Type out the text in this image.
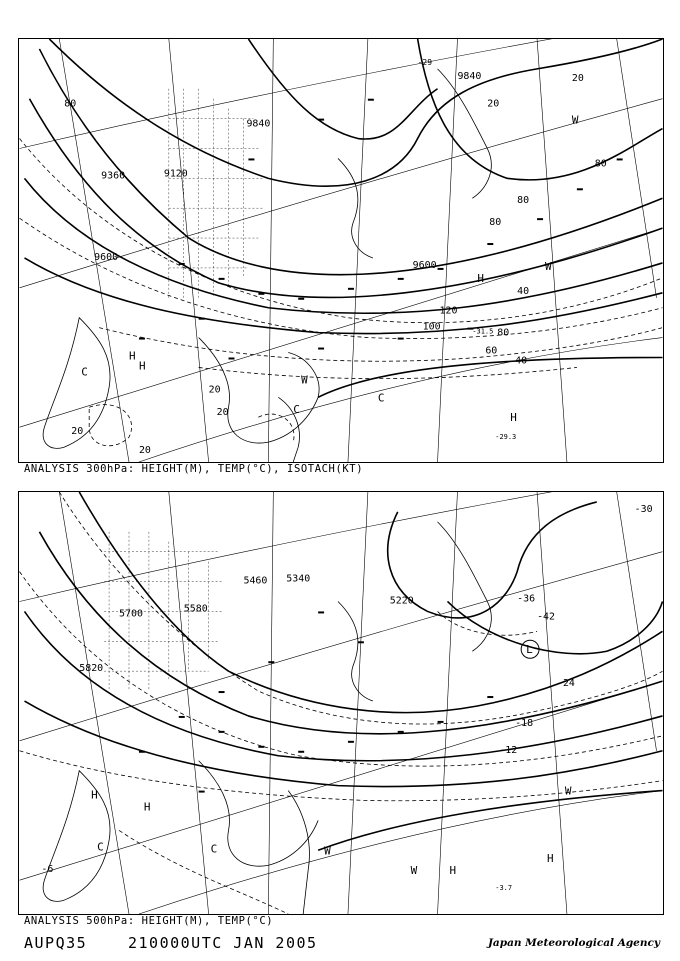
9840
9600
9360	9120
9600
9840
80	20
80
80
80
40
120
100
80
60
40
20
20
20
20
20
-29
-31.5
-29.3
C
H
H
W
C
C
H
H
W
W
ANALYSIS 300hPa: HEIGHT(M), TEMP(°C), ISOTACH(KT)
5700	5580
5460 5340
5220
5820
-30
-36
-42
-24
-18
-12
-6
-3.7
L
H
H
C	C	W
W	H
H
W
ANALYSIS 500hPa: HEIGHT(M), TEMP(°C)
AUPQ35	210000UTC JAN 2005	Japan Meteorological Agency
